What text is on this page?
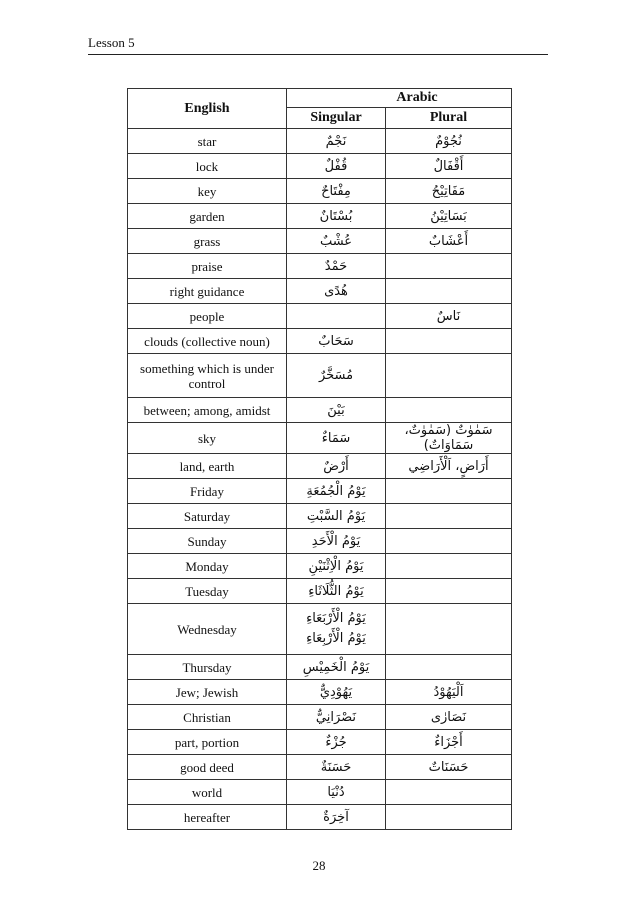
Lesson 5
English	Arabic	
	Singular	Plural
star	نَجْمٌ	نُجُوْمٌ
lock	قُفْلٌ	أَقْفَالٌ
key	مِفْتَاحٌ	مَفَاتِيْحُ
garden	بُسْتَانٌ	بَسَاتِيْنُ
grass	عُشْبٌ	أَعْشَابٌ
praise	حَمْدٌ	
right guidance	هُدًى	
people		نَاسٌ
clouds (collective noun)	سَحَابٌ	
something which is under control	مُسَخَّرٌ	
between; among, amidst	بَيْنَ	
sky	سَمَاءٌ	سَمٰوٰتٌ (سَمٰوٰتٌ، سَمَاوَاتٌ)
land, earth	أَرْضٌ	أَرَاضٍ، اَلْأَرَاضِي
Friday	يَوْمُ الْجُمُعَةِ	
Saturday	يَوْمُ السَّبْتِ	
Sunday	يَوْمُ الْأَحَدِ	
Monday	يَوْمُ الْاِثْنَيْنِ	
Tuesday	يَوْمُ الثُّلَاثَاءِ	
Wednesday	يَوْمُ الْأَرْبَعَاءِ
يَوْمُ الْأَرْبِعَاءِ	

Thursday	يَوْمُ الْخَمِيْسِ	
Jew; Jewish	يَهُوْدِيٌّ	اَلْيَهُوْدُ
Christian	نَصْرَانِيٌّ	نَصَارٰى
part, portion	جُزْءٌ	أَجْزَاءٌ
good deed	حَسَنَةٌ	حَسَنَاتٌ
world	دُنْيَا	
hereafter	آخِرَةٌ	
28
